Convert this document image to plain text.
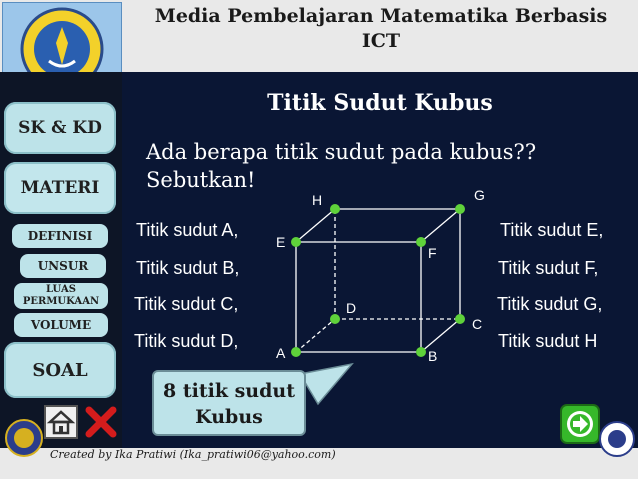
Media Pembelajaran Matematika Berbasis
ICT
SK & KD
MATERI
DEFINISI
UNSUR
LUAS
PERMUKAAN
VOLUME
SOAL
Titik Sudut Kubus
Ada berapa titik sudut pada kubus??
Sebutkan!
A	B
C
D
E
F
G
H
Titik sudut A,
Titik sudut B,
Titik sudut C,
Titik sudut D,
Titik sudut E,
Titik sudut F,
Titik sudut G,
Titik sudut H
8 titik sudut
Kubus
Created by Ika Pratiwi (Ika_pratiwi06@yahoo.com)
